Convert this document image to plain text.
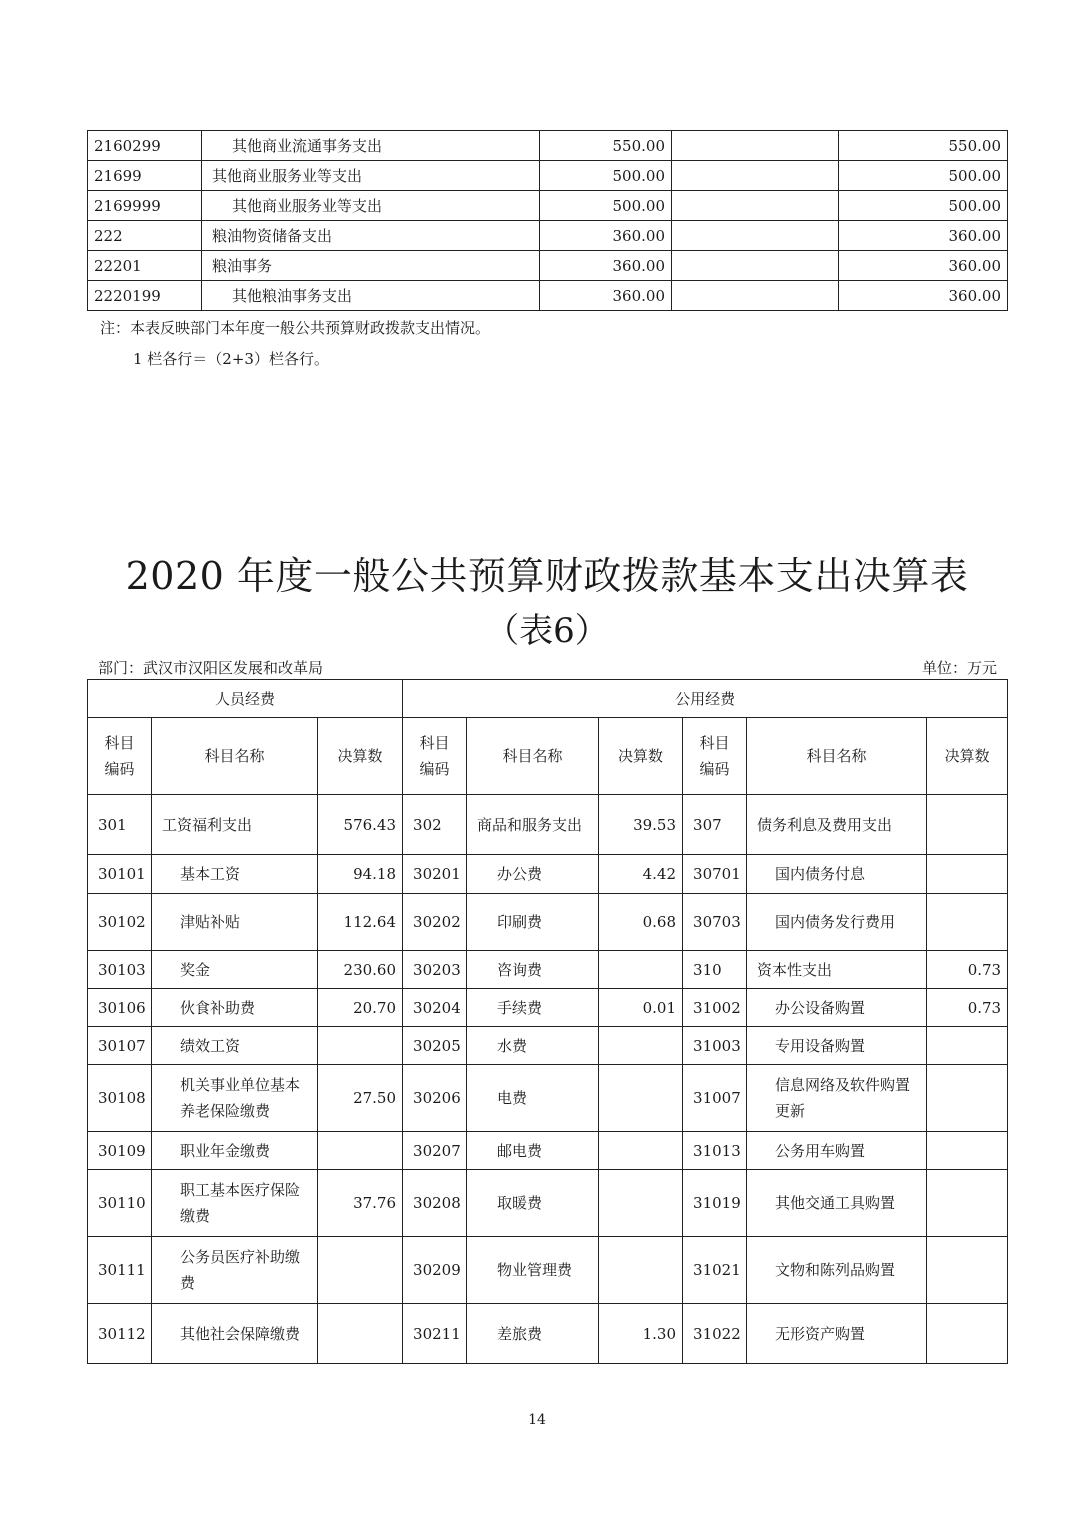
2160299	其他商业流通事务支出	550.00		550.00
21699	其他商业服务业等支出	500.00		500.00
2169999	其他商业服务业等支出	500.00		500.00
222	粮油物资储备支出	360.00		360.00
22201	粮油事务	360.00		360.00
2220199	其他粮油事务支出	360.00		360.00
注：本表反映部门本年度一般公共预算财政拨款支出情况。
1 栏各行＝（2+3）栏各行。
2020 年度一般公共预算财政拨款基本支出决算表
（表6）
部门：武汉市汉阳区发展和改革局	单位：万元
人员经费			公用经费					
科目编码	科目名称	决算数	科目编码	科目名称	决算数	科目编码	科目名称	决算数
301	工资福利支出	576.43	302	商品和服务支出	39.53	307	债务利息及费用支出	
30101	基本工资	94.18	30201	办公费	4.42	30701	国内债务付息	
30102	津贴补贴	112.64	30202	印刷费	0.68	30703	国内债务发行费用	
30103	奖金	230.60	30203	咨询费		310	资本性支出	0.73
30106	伙食补助费	20.70	30204	手续费	0.01	31002	办公设备购置	0.73
30107	绩效工资		30205	水费		31003	专用设备购置	
30108	机关事业单位基本养老保险缴费	27.50	30206	电费		31007	信息网络及软件购置更新	
30109	职业年金缴费		30207	邮电费		31013	公务用车购置	
30110	职工基本医疗保险缴费	37.76	30208	取暖费		31019	其他交通工具购置	
30111	公务员医疗补助缴费		30209	物业管理费		31021	文物和陈列品购置	
30112	其他社会保障缴费		30211	差旅费	1.30	31022	无形资产购置	
14
